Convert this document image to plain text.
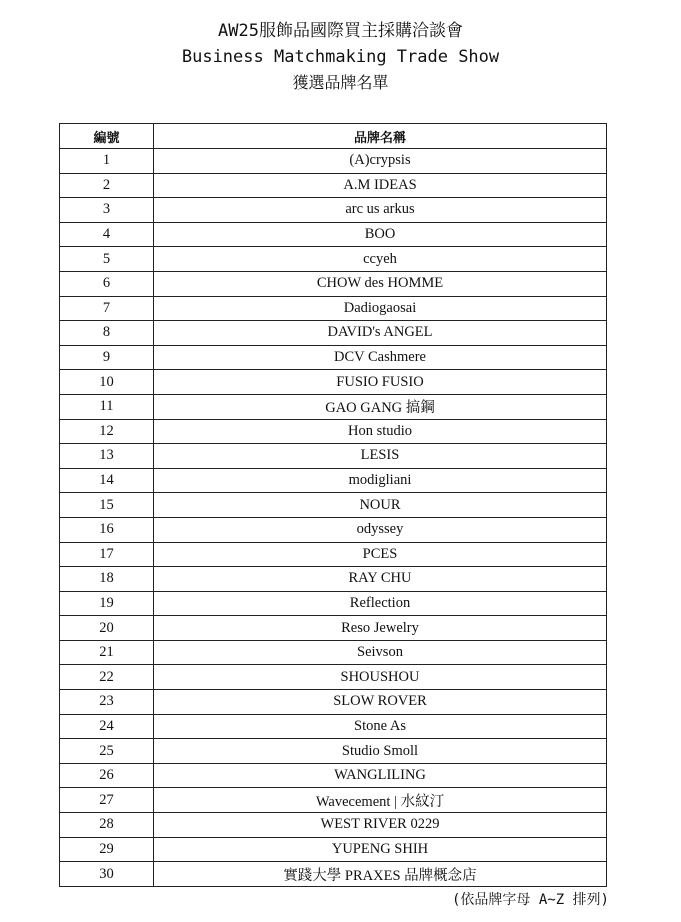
AW25服飾品國際買主採購洽談會
Business Matchmaking Trade Show
獲選品牌名單
編號	品牌名稱
1	(A)crypsis
2	A.M IDEAS
3	arc us arkus
4	BOO
5	ccyeh
6	CHOW des HOMME
7	Dadiogaosai
8	DAVID's ANGEL
9	DCV Cashmere
10	FUSIO FUSIO
11	GAO GANG 搞鋼
12	Hon studio
13	LESIS
14	modigliani
15	NOUR
16	odyssey
17	PCES
18	RAY CHU
19	Reflection
20	Reso Jewelry
21	Seivson
22	SHOUSHOU
23	SLOW ROVER
24	Stone As
25	Studio Smoll
26	WANGLILING
27	Wavecement | 水紋汀
28	WEST RIVER 0229
29	YUPENG SHIH
30	實踐大學 PRAXES 品牌概念店
(依品牌字母 A~Z 排列)
